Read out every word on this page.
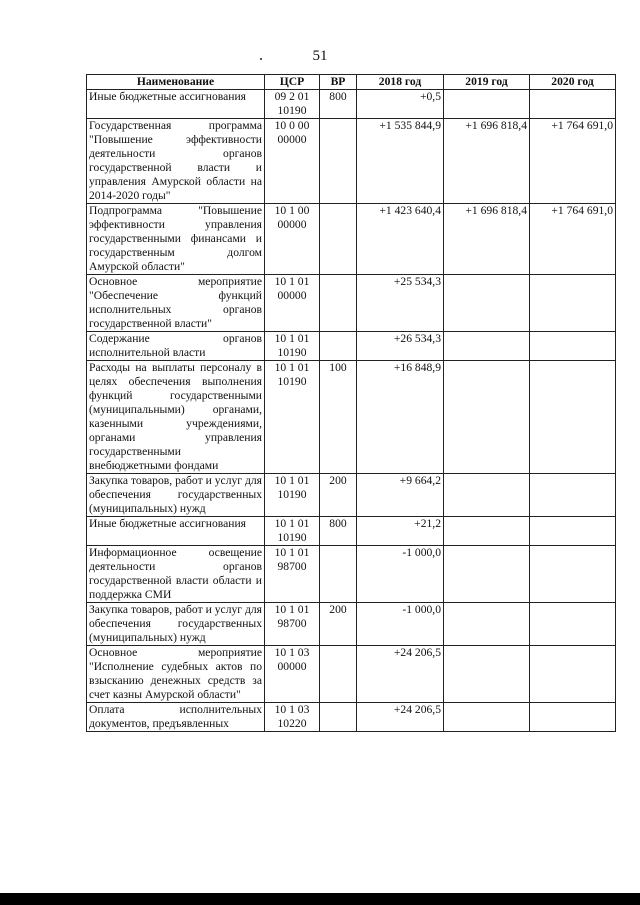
51
Наименование	ЦСР	ВР	2018 год	2019 год	2020 год
Иные бюджетные ассигнования	09 2 01 10190	800	+0,5		
Государственная программа "Повышение эффективности деятельности органов государственной власти и управления Амурской области на 2014-2020 годы"	10 0 00 00000		+1 535 844,9	+1 696 818,4	+1 764 691,0
Подпрограмма "Повышение эффективности управления государственными финансами и государственным долгом Амурской области"	10 1 00 00000		+1 423 640,4	+1 696 818,4	+1 764 691,0
Основное мероприятие "Обеспечение функций исполнительных органов государственной власти"	10 1 01 00000		+25 534,3		
Содержание органов исполнительной власти	10 1 01 10190		+26 534,3		
Расходы на выплаты персоналу в целях обеспечения выполнения функций государственными (муниципальными) органами, казенными учреждениями, органами управления государственными внебюджетными фондами	10 1 01 10190	100	+16 848,9		
Закупка товаров, работ и услуг для обеспечения государственных (муниципальных) нужд	10 1 01 10190	200	+9 664,2		
Иные бюджетные ассигнования	10 1 01 10190	800	+21,2		
Информационное освещение деятельности органов государственной власти области и поддержка СМИ	10 1 01 98700		-1 000,0		
Закупка товаров, работ и услуг для обеспечения государственных (муниципальных) нужд	10 1 01 98700	200	-1 000,0		
Основное мероприятие "Исполнение судебных актов по взысканию денежных средств за счет казны Амурской области"	10 1 03 00000		+24 206,5		
Оплата исполнительных документов, предъявленных	10 1 03 10220		+24 206,5		
